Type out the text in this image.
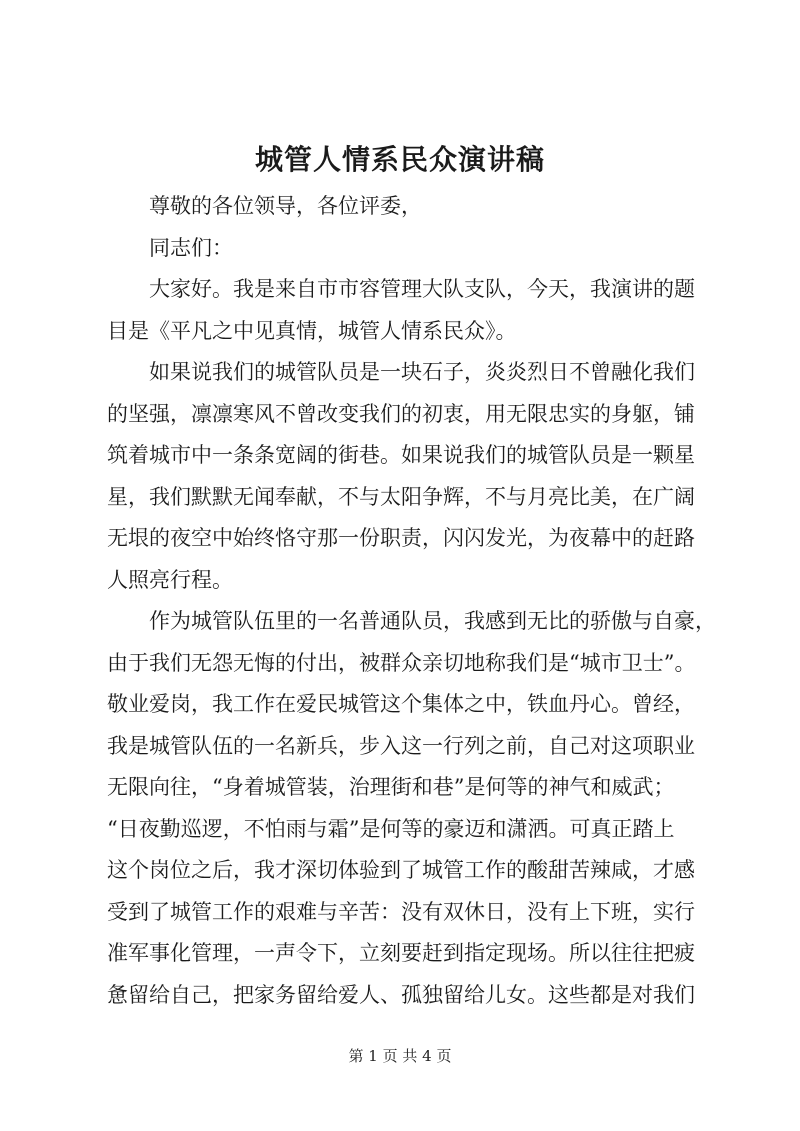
城管人情系民众演讲稿

尊敬的各位领导，各位评委，

同志们：

大家好。我是来自市市容管理大队支队，今天，我演讲的题
目是《平凡之中见真情，城管人情系民众》。

如果说我们的城管队员是一块石子，炎炎烈日不曾融化我们
的坚强，凛凛寒风不曾改变我们的初衷，用无限忠实的身躯，铺
筑着城市中一条条宽阔的街巷。如果说我们的城管队员是一颗星
星，我们默默无闻奉献，不与太阳争辉，不与月亮比美，在广阔
无垠的夜空中始终恪守那一份职责，闪闪发光，为夜幕中的赶路
人照亮行程。

作为城管队伍里的一名普通队员，我感到无比的骄傲与自豪，
由于我们无怨无悔的付出，被群众亲切地称我们是“城市卫士”。
敬业爱岗，我工作在爱民城管这个集体之中，铁血丹心。曾经，
我是城管队伍的一名新兵，步入这一行列之前，自己对这项职业
无限向往，“身着城管装，治理街和巷”是何等的神气和威武；
“日夜勤巡逻，不怕雨与霜”是何等的豪迈和潇洒。可真正踏上
这个岗位之后，我才深切体验到了城管工作的酸甜苦辣咸，才感
受到了城管工作的艰难与辛苦：没有双休日，没有上下班，实行
准军事化管理，一声令下，立刻要赶到指定现场。所以往往把疲
惫留给自己，把家务留给爱人、孤独留给儿女。这些都是对我们

第 1 页 共 4 页
